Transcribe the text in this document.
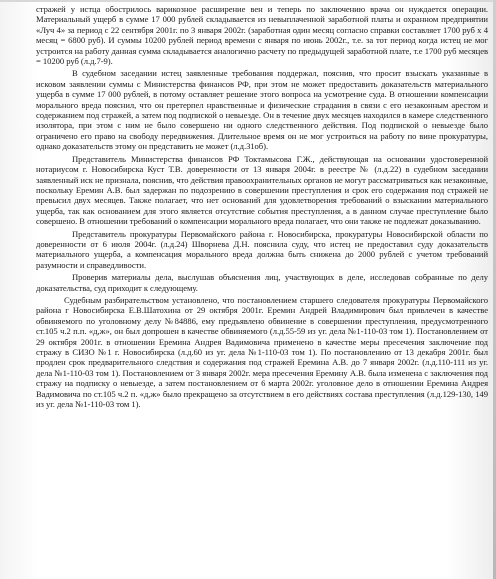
стражей у истца обострилось варикозное расширение вен и теперь по заключению врача он нуждается операции. Материальный ущерб в сумме 17 000 рублей складывается из невыплаченной заработной платы и охранном предприятии «Луч 4» за период с 22 сентября 2001г. по 3 января 2002г. (заработная один месяц согласно справки составляет 1700 руб х 4 месяц = 6800 руб). И суммы 10200 рублей период времени с января по июнь 2002г., т.е. за тот период когда истец не мог устроится на работу данная сумма складывается аналогично расчету по предыдущей заработной плате, т.е 1700 руб месяцев = 10200 руб (л.д.7-9).

В судебном заседании истец заявленные требования поддержал, пояснив, что просит взыскать указанные в исковом заявлении суммы с Министерства финансов РФ, при этом не может предоставить доказательств материального ущерба в сумме 17 000 рублей, в потому оставляет решение этого вопроса на усмотрение суда. В отношении компенсации морального вреда пояснил, что он претерпел нравственные и физические страдания в связи с его незаконным арестом и содержанием под стражей, а затем под подпиской о невыезде. Он в течение двух месяцев находился в камере следственного изолятора, при этом с ним не было совершено ни одного следственного действия. Под подпиской о невыезде было ограничено его право на свободу передвижения. Длительное время он не мог устроиться на работу по вине прокуратуры, однако доказательств этому он представить не может (л.д.31об).

Представитель Министерства финансов РФ Токтамысова Г.Ж., действующая на основании удостоверенной нотариусом г. Новосибирска Куст Т.В. доверенности от 13 января 2004г. в реестре № (л.д.22) в судебном заседании заявленный иск не признала, пояснив, что действия правоохранительных органов не могут рассматриваться как незаконные, поскольку Еремин А.В. был задержан по подозрению в совершении преступления и срок его содержания под стражей не превысил двух месяцев. Также полагает, что нет оснований для удовлетворения требований о взыскании материального ущерба, так как основанием для этого является отсутствие события преступления, а в данном случае преступление было совершено. В отношении требований о компенсации морального вреда полагает, что они также не подлежат доказыванию.

Представитель прокуратуры Первомайского района г. Новосибирска, прокуратуры Новосибирской области по доверенности от 6 июля 2004г. (л.д.24) Шворнева Д.Н. пояснила суду, что истец не предоставил суду доказательств материального ущерба, а компенсация морального вреда должна быть снижена до 2000 рублей с учетом требований разумности и справедливости.

Проверив материалы дела, выслушав объяснения лиц, участвующих в деле, исследовав собранные по делу доказательства, суд приходит к следующему.

Судебным разбирательством установлено, что постановлением старшего следователя прокуратуры Первомайского района г Новосибирска Е.В.Шатохина от 29 октября 2001г. Еремин Андрей Владимирович был привлечен в качестве обвиняемого по уголовному делу №84886, ему предъявлено обвинение в совершении преступления, предусмотренного ст.105 ч.2 п.п. «д,ж», он был допрошен в качестве обвиняемого (л.д.55-59 из уг. дела №1-110-03 том 1). Постановлением от 29 октября 2001г. в отношении Еремина Андрея Вадимовича применено в качестве меры пресечения заключение под стражу в СИЗО №1 г. Новосибирска (л.д.60 из уг. дела №1-110-03 том 1). По постановлению от 13 декабря 2001г. был продлен срок предварительного следствия и содержания под стражей Еремина А.В. до 7 января 2002г. (л.д.110-111 из уг. дела №1-110-03 том 1). Постановлением от 3 января 2002г. мера пресечения Еремину А.В. была изменена с заключения под стражу на подписку о невыезде, а затем постановлением от 6 марта 2002г. уголовное дело в отношении Еремина Андрея Вадимовича по ст.105 ч.2 п. «д,ж» было прекращено за отсутствием в его действиях состава преступления (л.д.129-130, 149 из уг. дела №1-110-03 том 1).
